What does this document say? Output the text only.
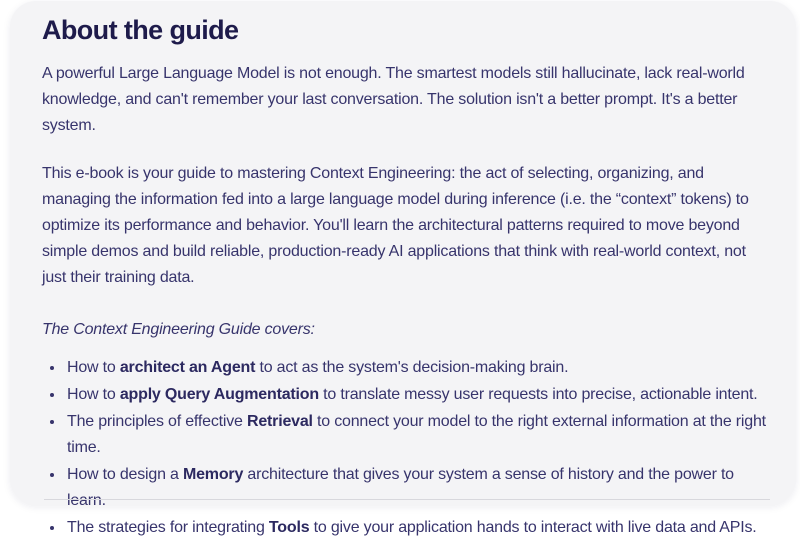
About the guide

A powerful Large Language Model is not enough. The smartest models still hallucinate, lack real-world knowledge, and can't remember your last conversation. The solution isn't a better prompt. It's a better system.

This e-book is your guide to mastering Context Engineering: the act of selecting, organizing, and managing the information fed into a large language model during inference (i.e. the “context” tokens) to optimize its performance and behavior. You'll learn the architectural patterns required to move beyond simple demos and build reliable, production-ready AI applications that think with real-world context, not just their training data.

The Context Engineering Guide covers:

• How to architect an Agent to act as the system's decision-making brain.
• How to apply Query Augmentation to translate messy user requests into precise, actionable intent.
• The principles of effective Retrieval to connect your model to the right external information at the right time.
• How to design a Memory architecture that gives your system a sense of history and the power to learn.
• The strategies for integrating Tools to give your application hands to interact with live data and APIs.
